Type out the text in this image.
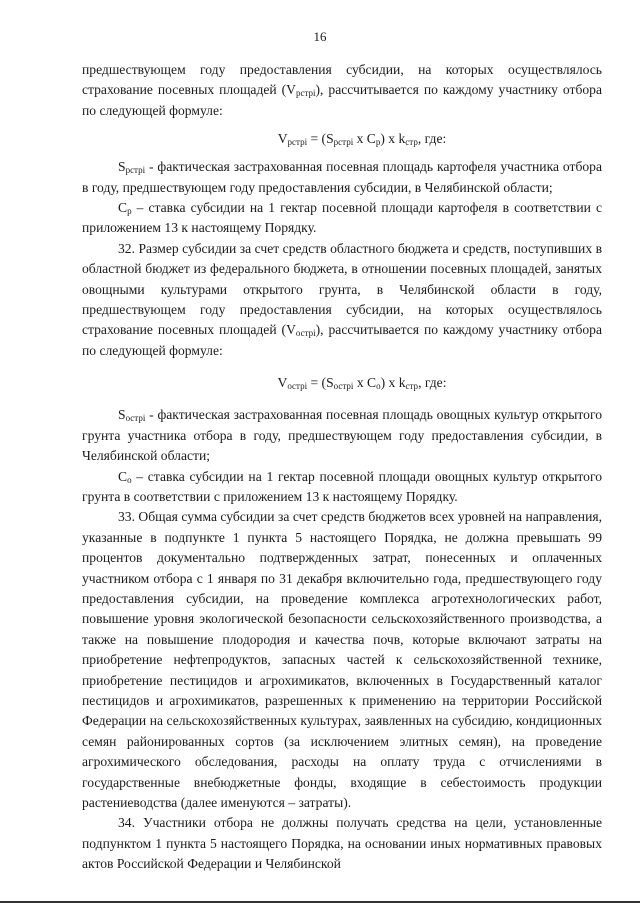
16

предшествующем году предоставления субсидии, на которых осуществлялось страхование посевных площадей $(V_{рстрi})$, рассчитывается по каждому участнику отбора по следующей формуле:

$V_{рстрi} = (S_{рстрi}$ x $C_р$) x $k_{стр}$, где:

$S_{рстрi}$ - фактическая застрахованная посевная площадь картофеля участника отбора в году, предшествующем году предоставления субсидии, в Челябинской области;

$С_р$ – ставка субсидии на 1 гектар посевной площади картофеля в соответствии с приложением 13 к настоящему Порядку.

32. Размер субсидии за счет средств областного бюджета и средств, поступивших в областной бюджет из федерального бюджета, в отношении посевных площадей, занятых овощными культурами открытого грунта, в Челябинской области в году, предшествующем году предоставления субсидии, на которых осуществлялось страхование посевных площадей $(V_{острi})$, рассчитывается по каждому участнику отбора по следующей формуле:

$V_{острi} = (S_{острi}$ x $C_о$) x $k_{стр}$, где:

$S_{острi}$ - фактическая застрахованная посевная площадь овощных культур открытого грунта участника отбора в году, предшествующем году предоставления субсидии, в Челябинской области;

$С_о$ – ставка субсидии на 1 гектар посевной площади овощных культур открытого грунта в соответствии с приложением 13 к настоящему Порядку.

33. Общая сумма субсидии за счет средств бюджетов всех уровней на направления, указанные в подпункте 1 пункта 5 настоящего Порядка, не должна превышать 99 процентов документально подтвержденных затрат, понесенных и оплаченных участником отбора с 1 января по 31 декабря включительно года, предшествующего году предоставления субсидии, на проведение комплекса агротехнологических работ, повышение уровня экологической безопасности сельскохозяйственного производства, а также на повышение плодородия и качества почв, которые включают затраты на приобретение нефтепродуктов, запасных частей к сельскохозяйственной технике, приобретение пестицидов и агрохимикатов, включенных в Государственный каталог пестицидов и агрохимикатов, разрешенных к применению на территории Российской Федерации на сельскохозяйственных культурах, заявленных на субсидию, кондиционных семян районированных сортов (за исключением элитных семян), на проведение агрохимического обследования, расходы на оплату труда с отчислениями в государственные внебюджетные фонды, входящие в себестоимость продукции растениеводства (далее именуются – затраты).

34. Участники отбора не должны получать средства на цели, установленные подпунктом 1 пункта 5 настоящего Порядка, на основании иных нормативных правовых актов Российской Федерации и Челябинской
